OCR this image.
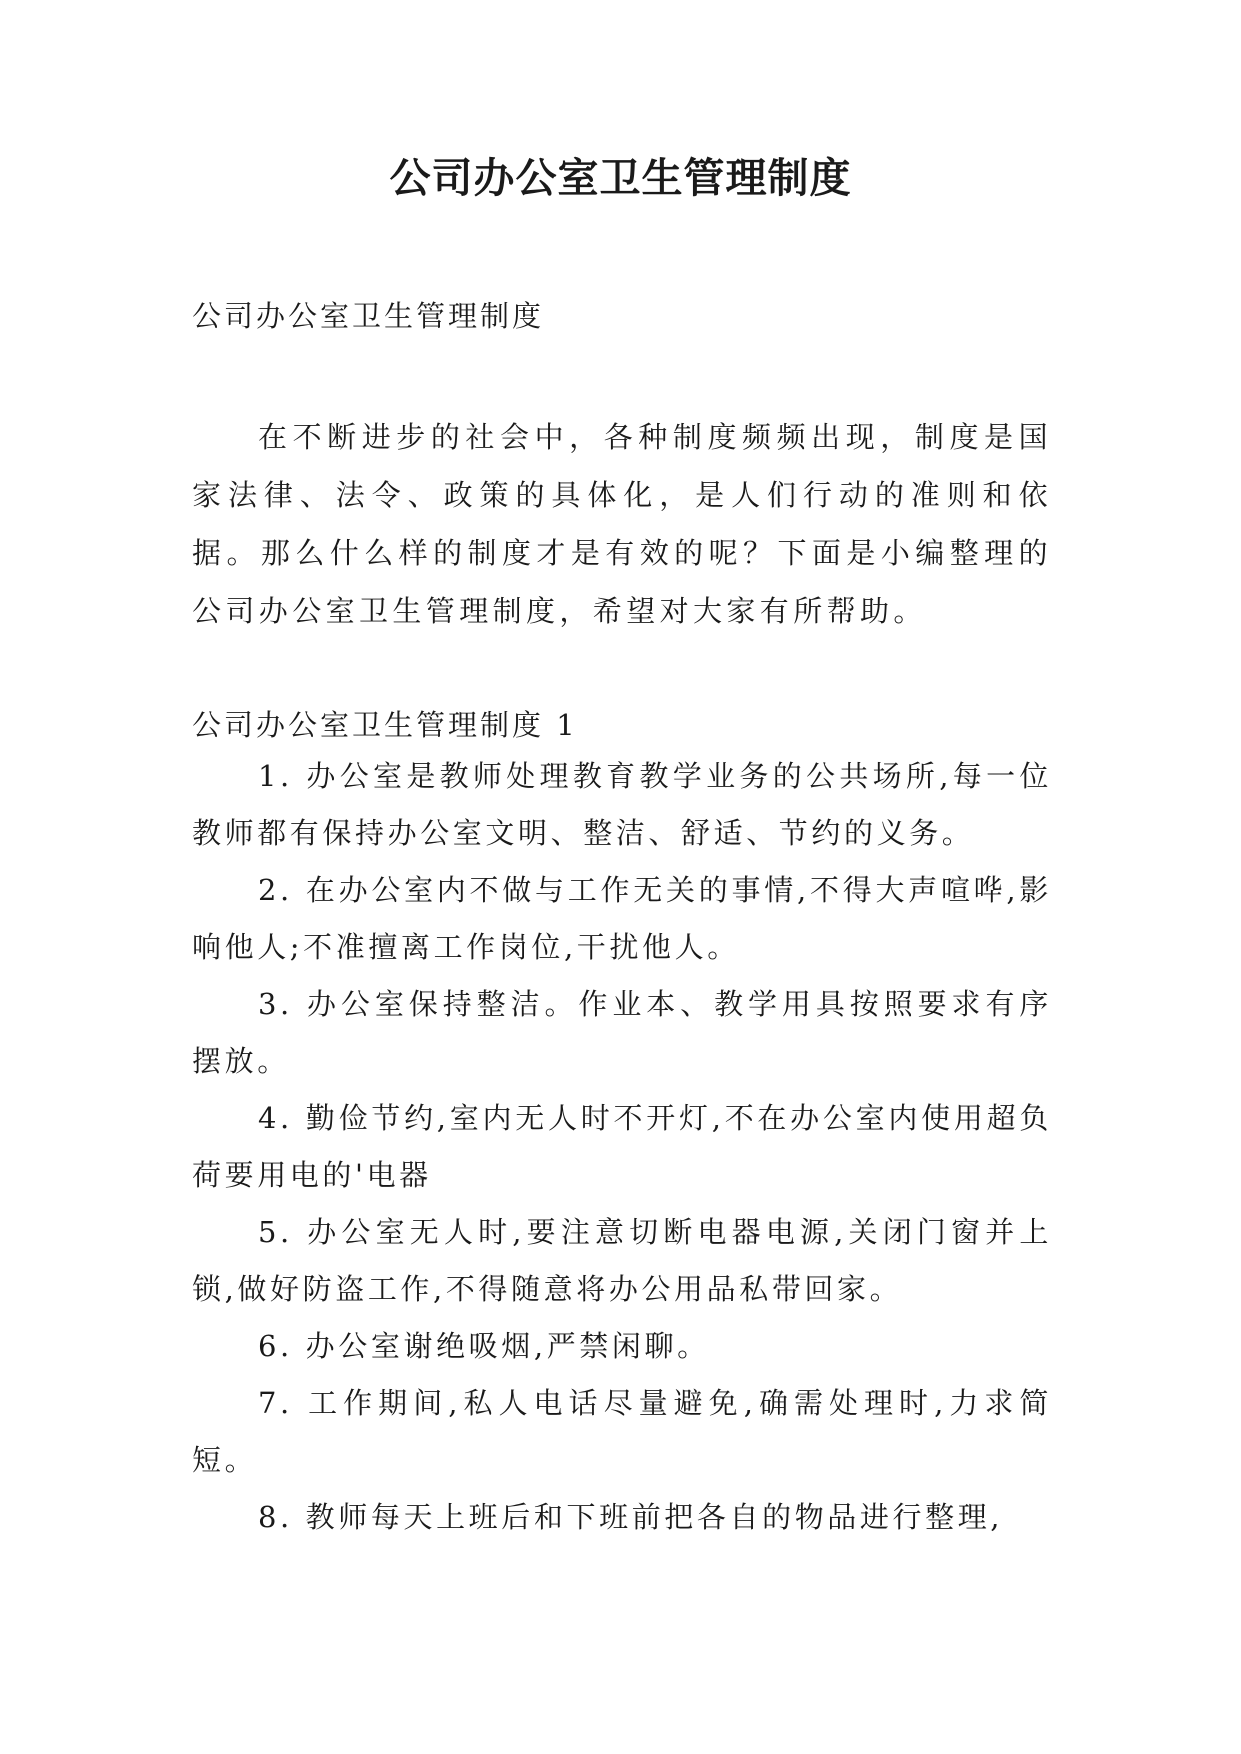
公司办公室卫生管理制度

公司办公室卫生管理制度

在不断进步的社会中，各种制度频频出现，制度是国家法律、法令、政策的具体化，是人们行动的准则和依据。那么什么样的制度才是有效的呢？下面是小编整理的公司办公室卫生管理制度，希望对大家有所帮助。

公司办公室卫生管理制度 1

1. 办公室是教师处理教育教学业务的公共场所,每一位教师都有保持办公室文明、整洁、舒适、节约的义务。
2. 在办公室内不做与工作无关的事情,不得大声喧哗,影响他人;不准擅离工作岗位,干扰他人。
3. 办公室保持整洁。作业本、教学用具按照要求有序摆放。
4. 勤俭节约,室内无人时不开灯,不在办公室内使用超负荷要用电的'电器
5. 办公室无人时,要注意切断电器电源,关闭门窗并上锁,做好防盗工作,不得随意将办公用品私带回家。
6. 办公室谢绝吸烟,严禁闲聊。
7. 工作期间,私人电话尽量避免,确需处理时,力求简短。
8. 教师每天上班后和下班前把各自的物品进行整理,
